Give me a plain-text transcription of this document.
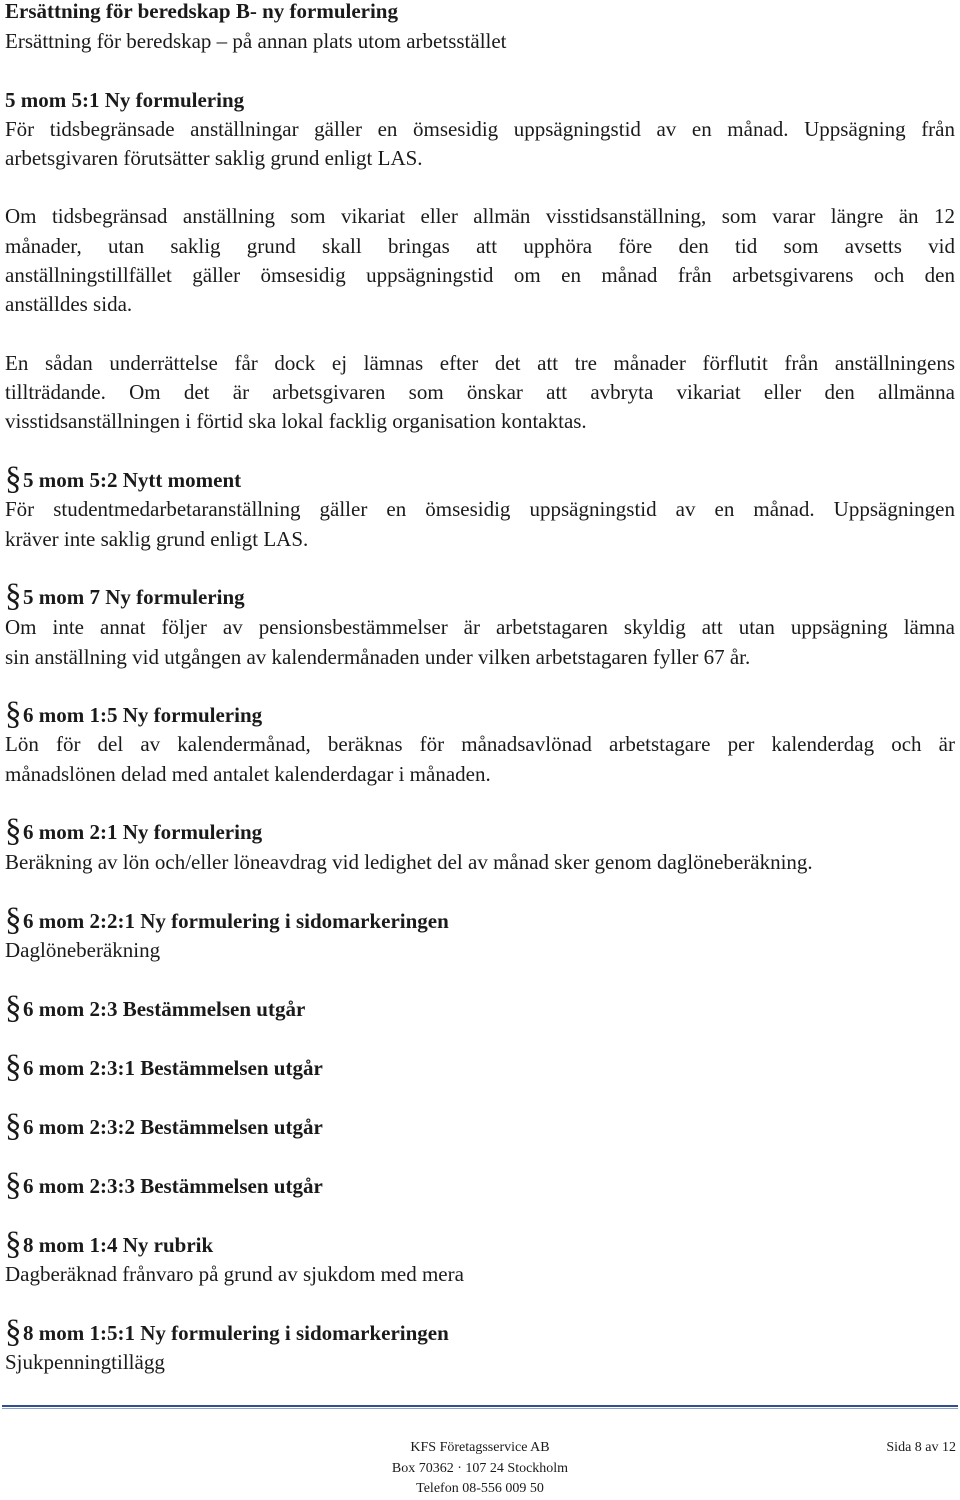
Ersättning för beredskap B- ny formulering
Ersättning för beredskap – på annan plats utom arbetsstället
5 mom 5:1 Ny formulering
För tidsbegränsade anställningar gäller en ömsesidig uppsägningstid av en månad. Uppsägning från
arbetsgivaren förutsätter saklig grund enligt LAS.
Om tidsbegränsad anställning som vikariat eller allmän visstidsanställning, som varar längre än 12
månader, utan saklig grund skall bringas att upphöra före den tid som avsetts vid
anställningstillfället gäller ömsesidig uppsägningstid om en månad från arbetsgivarens och den
anställdes sida.
En sådan underrättelse får dock ej lämnas efter det att tre månader förflutit från anställningens
tillträdande. Om det är arbetsgivaren som önskar att avbryta vikariat eller den allmänna
visstidsanställningen i förtid ska lokal facklig organisation kontaktas.
§ 5 mom 5:2 Nytt moment
För studentmedarbetaranställning gäller en ömsesidig uppsägningstid av en månad. Uppsägningen
kräver inte saklig grund enligt LAS.
§ 5 mom 7 Ny formulering
Om inte annat följer av pensionsbestämmelser är arbetstagaren skyldig att utan uppsägning lämna
sin anställning vid utgången av kalendermånaden under vilken arbetstagaren fyller 67 år.
§ 6 mom 1:5 Ny formulering
Lön för del av kalendermånad, beräknas för månadsavlönad arbetstagare per kalenderdag och är
månadslönen delad med antalet kalenderdagar i månaden.
§ 6 mom 2:1 Ny formulering
Beräkning av lön och/eller löneavdrag vid ledighet del av månad sker genom daglöneberäkning.
§ 6 mom 2:2:1 Ny formulering i sidomarkeringen
Daglöneberäkning
§ 6 mom 2:3 Bestämmelsen utgår
§ 6 mom 2:3:1 Bestämmelsen utgår
§ 6 mom 2:3:2 Bestämmelsen utgår
§ 6 mom 2:3:3 Bestämmelsen utgår
§ 8 mom 1:4 Ny rubrik
Dagberäknad frånvaro på grund av sjukdom med mera
§ 8 mom 1:5:1 Ny formulering i sidomarkeringen
Sjukpenningtillägg
KFS Företagsservice AB
Box 70362 · 107 24 Stockholm
Telefon 08-556 009 50
Sida 8 av 12
